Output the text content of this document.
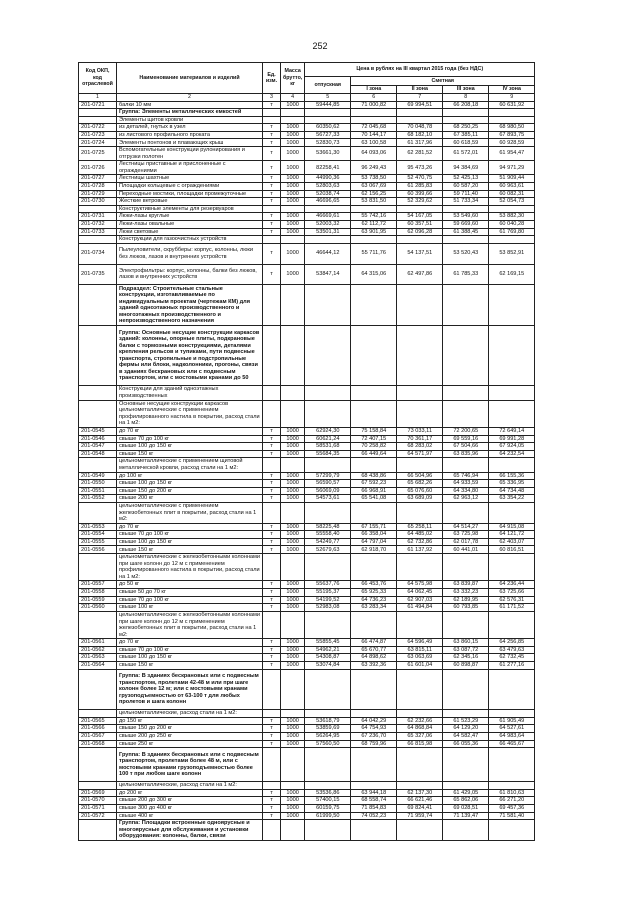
252
Код ОКП, код отраслевой	Наименование материалов и изделий	Ед. изм.	Масса брутто, кг	Цена в рублях на III квартал 2015 года (без НДС)				
				отпускная	Сметная			
					I зона	II зона	III зона	IV зона
1	2	3	4	5	6	7	8	9
201-0721	балки 10 мм	т	1000	59444,85	71 000,82	69 994,51	66 208,18	60 631,92
	Группа: Элементы металлических емкостей							
	Элементы щитов кровли							
201-0722	из деталей, гнутых в узел	т	1000	60350,62	72 045,68	70 048,78	68 250,25	68 980,50
201-0723	из листового профильного проката	т	1000	56727,33	70 144,17	68 182,10	67 385,11	67 893,75
201-0724	Элементы понтонов и плавающих крыш	т	1000	52830,73	63 100,58	61 317,96	60 618,59	60 928,59
201-0725	Вспомогательные конструкции рулонирования и отгрузки полотен	т	1000	53661,30	64 093,06	62 281,52	61 572,01	61 954,47
201-0726	Лестницы приставные и прислоненные с ограждениями	т	1000	82258,41	96 249,43	95 473,26	94 384,69	94 971,29
201-0727	Лестницы шахтные	т	1000	44990,36	53 738,50	52 470,75	52 425,13	51 909,44
201-0728	Площадки кольцевые с ограждениями	т	1000	52803,63	63 067,69	61 285,83	60 587,20	60 963,61
201-0729	Переходные мостики, площадки промежуточные	т	1000	52038,74	62 156,25	60 399,66	59 711,40	60 082,31
201-0730	Жесткие ветровые	т	1000	46696,65	53 831,50	52 329,62	51 733,34	52 054,73
	Конструктивные элементы для резервуаров							
201-0731	Люки-лазы круглые	т	1000	46669,61	55 742,16	54 167,05	53 549,60	53 882,30
201-0732	Люки-лазы овальные	т	1000	52003,32	62 112,72	60 357,51	59 669,60	60 040,28
201-0733	Люки световые	т	1000	53501,31	63 901,95	62 096,28	61 388,45	61 769,80
	Конструкции для газоочистных устройств							
201-0734	Пылеуловители, скрубберы: корпус, колонны, люки без люков, лазов и внутренних устройств	т	1000	46644,12	55 711,76	54 137,51	53 520,43	53 852,91
201-0735	Электрофильтры: корпус, колонны, балки без люков, лазов и внутренних устройств	т	1000	53847,14	64 315,06	62 497,86	61 785,33	62 169,15
	Подраздел: Строительные стальные конструкции, изготавливаемые по индивидуальным проектам (чертежам КМ) для зданий одноэтажных производственного и многоэтажных производственного и непроизводственного назначения							
	Группа: Основные несущие конструкции каркасов зданий: колонны, опорные плиты, подкрановые балки с тормозными конструкциями, деталями крепления рельсов и тупиками, пути подвесные транспорта, стропильные и подстропильные фермы или блоки, надколонники, прогоны, связи в зданиях бескрановых или с подвесным транспортом, или с мостовыми кранами до 50							
	Конструкции для зданий одноэтажных производственных							
	Основные несущие конструкции каркасов цельнометаллические с применением профилированного настила в покрытии, расход стали на 1 м2:							
201-0545	до 70 кг	т	1000	62924,30	75 158,84	73 033,11	72 200,65	72 649,14
201-0546	свыше 70 до 100 кг	т	1000	60621,24	72 407,15	70 361,17	69 559,16	69 991,28
201-0547	свыше 100 до 150 кг	т	1000	58531,68	70 258,82	68 283,02	67 504,66	67 924,05
201-0548	свыше 150 кг	т	1000	55684,35	66 449,64	64 571,97	63 835,96	64 232,54
	цельнометаллические с применением щитовой металлической кровли, расход стали на 1 м2:							
201-0549	до 100 кг	т	1000	57299,79	68 438,86	66 504,96	65 746,94	66 155,36
201-0550	свыше 100 до 150 кг	т	1000	56590,57	67 592,23	65 682,26	64 933,59	65 336,95
201-0551	свыше 150 до 200 кг	т	1000	56069,09	66 968,91	65 076,60	64 334,80	64 734,48
201-0552	свыше 200 кг	т	1000	54573,61	65 541,08	63 689,09	62 963,12	63 354,22
	цельнометаллические с применением железобетонных плит в покрытии, расход стали на 1 м2:							
201-0553	до 70 кг	т	1000	58225,48	67 155,71	65 258,11	64 514,27	64 915,08
201-0554	свыше 70 до 100 кг	т	1000	55558,40	66 358,04	64 485,02	63 725,98	64 121,72
201-0555	свыше 100 до 150 кг	т	1000	54249,77	64 797,04	62 732,86	62 017,78	62 403,07
201-0556	свыше 150 кг	т	1000	52679,63	62 918,70	61 137,92	60 441,01	60 816,51
	цельнометаллические с железобетонными колоннами при шаге колонн до 12 м с применением профилированного настила в покрытии, расход стали на 1 м2:							
201-0557	до 50 кг	т	1000	55637,76	66 453,76	64 575,98	63 839,87	64 236,44
201-0558	свыше 50 до 70 кг	т	1000	55195,37	65 925,33	64 062,45	63 332,23	63 725,66
201-0559	свыше 70 до 100 кг	т	1000	54199,52	64 736,23	62 907,03	62 189,95	62 576,31
201-0560	свыше 100 кг	т	1000	52983,08	63 283,34	61 494,84	60 793,85	61 171,52
	цельнометаллические с железобетонными колоннами при шаге колонн до 12 м с применением железобетонных плит в покрытии, расход стали на 1 м2:							
201-0561	до 70 кг	т	1000	55855,45	66 474,87	64 596,49	63 860,15	64 256,85
201-0562	свыше 70 до 100 кг	т	1000	54962,21	65 670,77	63 815,11	63 087,72	63 479,63
201-0563	свыше 100 до 150 кг	т	1000	54308,87	64 898,62	63 063,69	62 345,16	62 732,45
201-0564	свыше 150 кг	т	1000	53074,84	63 392,36	61 601,04	60 898,87	61 277,16
	Группа: В зданиях бескрановых или с подвесным транспортом, пролетами 42-48 м или при шаге колонн более 12 м; или с мостовыми кранами грузоподъемностью от 63-100 т для любых пролетов и шага колонн							
	цельнометаллические, расход стали на 1 м2:							
201-0565	до 150 кг	т	1000	53618,79	64 042,29	62 232,66	61 523,29	61 905,49
201-0566	свыше 150 до 200 кг	т	1000	53859,69	64 754,93	64 868,84	64 129,20	64 527,61
201-0567	свыше 200 до 250 кг	т	1000	56264,95	67 236,70	65 327,06	64 582,47	64 983,64
201-0568	свыше 250 кг	т	1000	57560,50	68 759,96	66 815,98	66 055,36	66 465,67
	Группа: В зданиях бескрановых или с подвесным транспортом, пролетами более 48 м, или с мостовыми кранами грузоподъемностью более 100 т при любом шаге колонн							
	цельнометаллические, расход стали на 1 м2:							
201-0569	до 200 кг	т	1000	53536,86	63 944,18	62 137,30	61 429,05	61 810,63
201-0570	свыше 200 до 300 кг	т	1000	57400,15	68 558,74	66 621,46	65 862,06	66 271,20
201-0571	свыше 300 до 400 кг	т	1000	60159,75	71 854,83	69 824,41	69 028,51	69 457,36
201-0572	свыше 400 кг	т	1000	61999,50	74 052,23	71 959,74	71 139,47	71 581,40
	Группа: Площадки встроенные одноярусные и многоярусные для обслуживания и установки оборудования: колонны, балки, связи							
